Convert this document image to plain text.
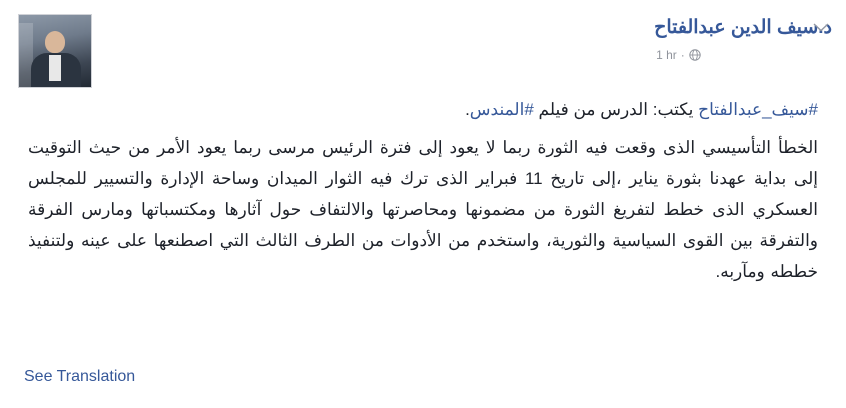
د.سيف الدين عبدالفتاح
1 hr ·
#سيف_عبدالفتاح يكتب: الدرس من فيلم #المندس.

الخطأ التأسيسي الذى وقعت فيه الثورة ربما لا يعود إلى فترة الرئيس مرسى ربما يعود الأمر من حيث التوقيت إلى بداية عهدنا بثورة يناير ،إلى تاريخ 11 فبراير الذى ترك فيه الثوار الميدان وساحة الإدارة والتسيير للمجلس العسكري الذى خطط لتفريغ الثورة من مضمونها ومحاصرتها والالتفاف حول آثارها ومكتسباتها ومارس الفرقة والتفرقة بين القوى السياسية والثورية، واستخدم من الأدوات من الطرف الثالث التي اصطنعها على عينه ولتنفيذ خططه ومآربه.

See Translation
